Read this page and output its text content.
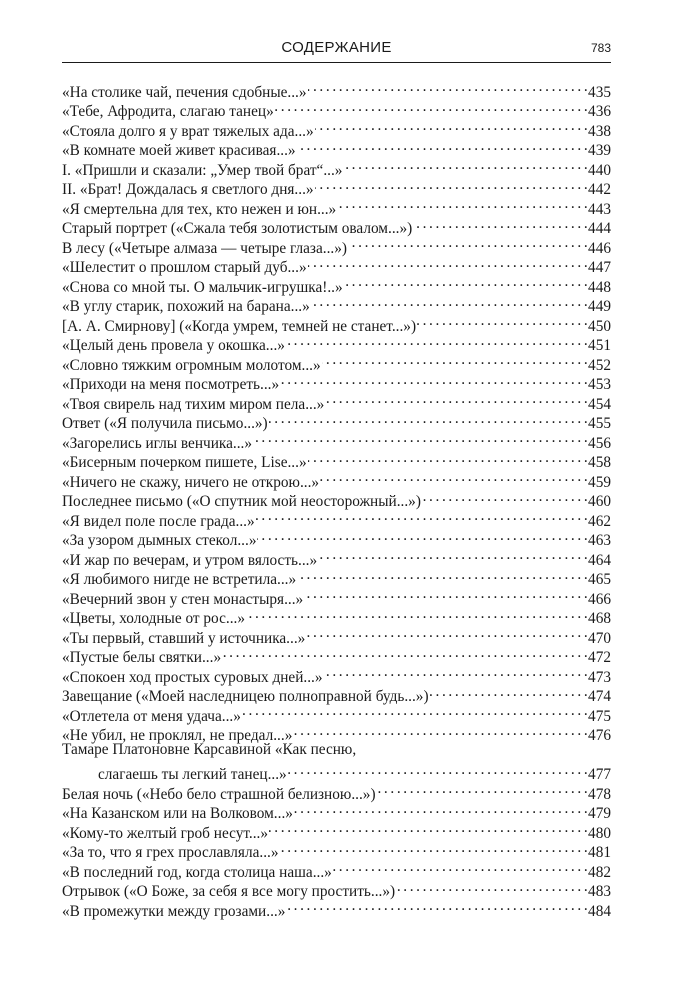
СОДЕРЖАНИЕ	783
«На столике чай, печения сдобные...» . . .	435
«Тебе, Афродита, слагаю танец» . . .	436
«Стояла долго я у врат тяжелых ада...» . . .	438
«В комнате моей живет красивая...» . . .	439
I. «Пришли и сказали: „Умер твой брат“...» . . .	440
II. «Брат! Дождалась я светлого дня...» . . .	442
«Я смертельна для тех, кто нежен и юн...» . . .	443
Старый портрет («Сжала тебя золотистым овалом...») . . .	444
В лесу («Четыре алмаза — четыре глаза...») . . .	446
«Шелестит о прошлом старый дуб...» . . .	447
«Снова со мной ты. О мальчик-игрушка!..» . . .	448
«В углу старик, похожий на барана...» . . .	449
[А. А. Смирнову] («Когда умрем, темней не станет...») . . .	450
«Целый день провела у окошка...» . . .	451
«Словно тяжким огромным молотом...» . . .	452
«Приходи на меня посмотреть...» . . .	453
«Твоя свирель над тихим миром пела...» . . .	454
Ответ («Я получила письмо...») . . .	455
«Загорелись иглы венчика...» . . .	456
«Бисерным почерком пишете, Lise...» . . .	458
«Ничего не скажу, ничего не открою...» . . .	459
Последнее письмо («О спутник мой неосторожный...») . . .	460
«Я видел поле после града...» . . .	462
«За узором дымных стекол...» . . .	463
«И жар по вечерам, и утром вялость...» . . .	464
«Я любимого нигде не встретила...» . . .	465
«Вечерний звон у стен монастыря...» . . .	466
«Цветы, холодные от рос...» . . .	468
«Ты первый, ставший у источника...» . . .	470
«Пустые белы святки...» . . .	472
«Спокоен ход простых суровых дней...» . . .	473
Завещание («Моей наследницею полноправной будь...») . . .	474
«Отлетела от меня удача...» . . .	475
«Не убил, не проклял, не предал...» . . .	476
Тамаре Платоновне Карсавиной «Как песню,
слагаешь ты легкий танец...» . . .	477
Белая ночь («Небо бело страшной белизною...») . . .	478
«На Казанском или на Волковом...» . . .	479
«Кому-то желтый гроб несут...» . . .	480
«За то, что я грех прославляла...» . . .	481
«В последний год, когда столица наша...» . . .	482
Отрывок («О Боже, за себя я все могу простить...») . . .	483
«В промежутки между грозами...» . . .	484
